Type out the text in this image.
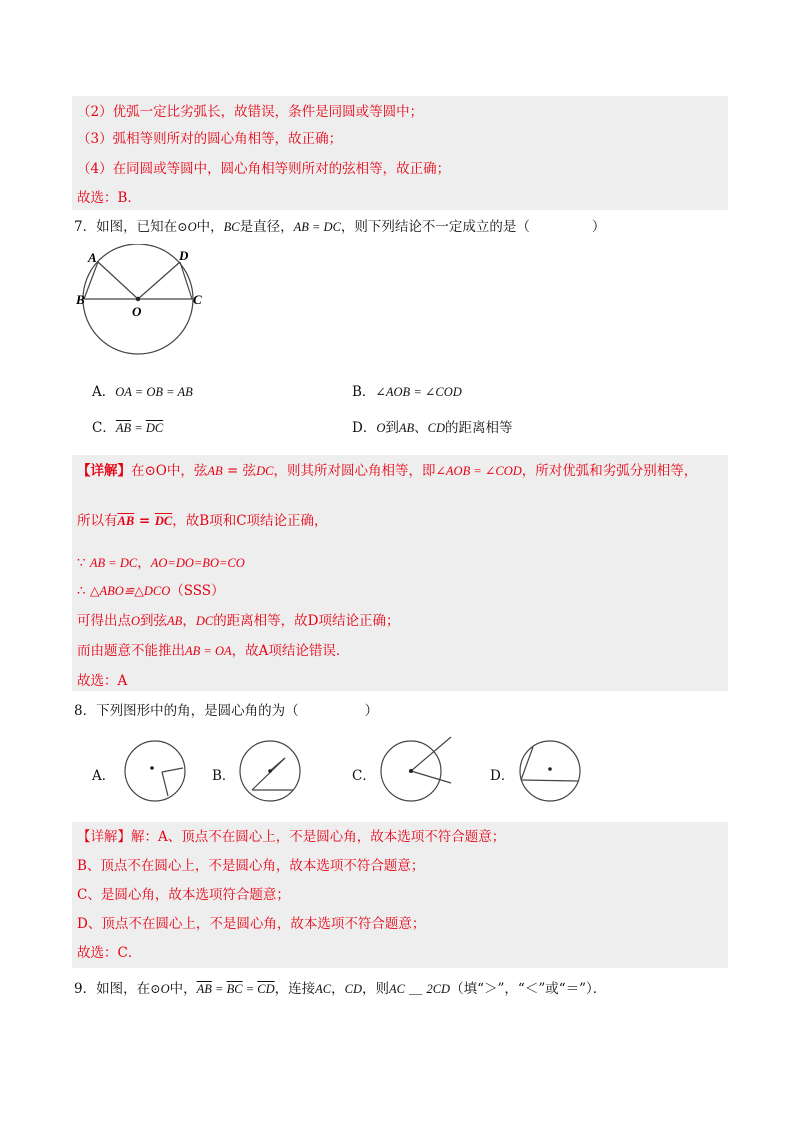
（2）优弧一定比劣弧长，故错误，条件是同圆或等圆中；
（3）弧相等则所对的圆心角相等，故正确；
（4）在同圆或等圆中，圆心角相等则所对的弦相等，故正确；
故选：B．
7．如图，已知在⊙O中，BC是直径，AB = DC，则下列结论不一定成立的是（	）
A	D
B	C
O
A．OA = OB = AB	B．∠AOB = ∠COD
C．$\overline{AB} = \overline{DC}$	D．O到AB、CD的距离相等
【详解】在⊙O中，弦AB = 弦DC，则其所对圆心角相等，即∠AOB = ∠COD，所对优弧和劣弧分别相等，
所以有$\overline{AB} = \overline{DC}$，故B项和C项结论正确，
∵ AB = DC，AO=DO=BO=CO
∴ △ABO≌△DCO（SSS）
可得出点O到弦AB，DC的距离相等，故D项结论正确；
而由题意不能推出AB = OA，故A项结论错误．
故选：A
8．下列图形中的角，是圆心角的为（	）
A．	B．	C．	D．
【详解】解：A、顶点不在圆心上，不是圆心角，故本选项不符合题意；
B、顶点不在圆心上，不是圆心角，故本选项不符合题意；
C、是圆心角，故本选项符合题意；
D、顶点不在圆心上，不是圆心角，故本选项不符合题意；
故选：C．
9．如图，在⊙O中，$\overline{AB} = \overline{BC} = \overline{CD}$，连接AC，CD，则AC ＿ 2CD（填“＞”，“＜”或“＝”）．
